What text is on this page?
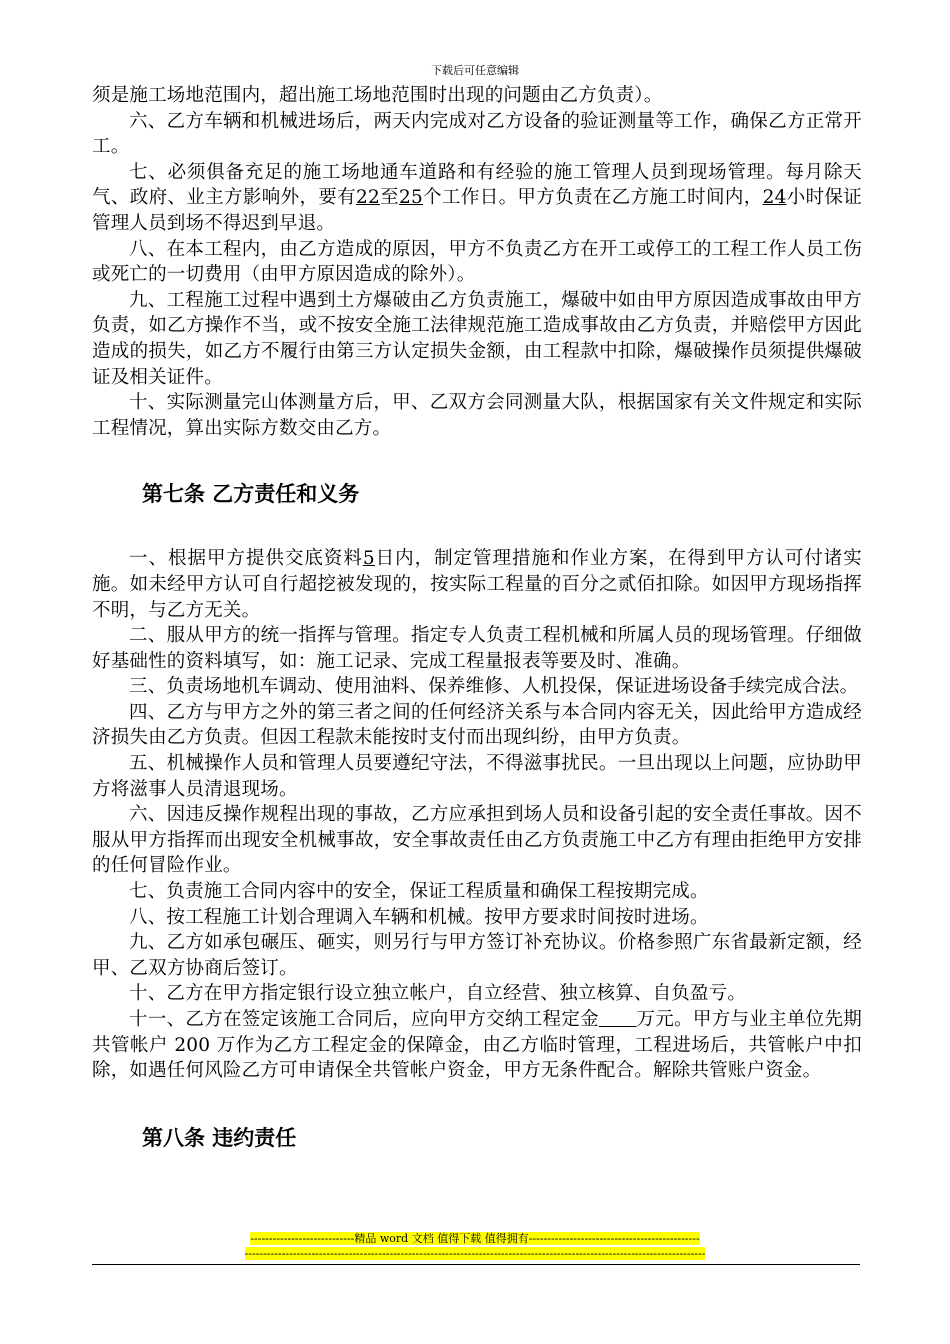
下载后可任意编辑

须是施工场地范围内，超出施工场地范围时出现的问题由乙方负责）。

六、乙方车辆和机械进场后，两天内完成对乙方设备的验证测量等工作，确保乙方正常开工。

七、必须俱备充足的施工场地通车道路和有经验的施工管理人员到现场管理。每月除天气、政府、业主方影响外，要有22至25个工作日。甲方负责在乙方施工时间内，24小时保证管理人员到场不得迟到早退。

八、在本工程内，由乙方造成的原因，甲方不负责乙方在开工或停工的工程工作人员工伤或死亡的一切费用（由甲方原因造成的除外）。

九、工程施工过程中遇到土方爆破由乙方负责施工，爆破中如由甲方原因造成事故由甲方负责，如乙方操作不当，或不按安全施工法律规范施工造成事故由乙方负责，并赔偿甲方因此造成的损失，如乙方不履行由第三方认定损失金额，由工程款中扣除，爆破操作员须提供爆破证及相关证件。

十、实际测量完山体测量方后，甲、乙双方会同测量大队，根据国家有关文件规定和实际工程情况，算出实际方数交由乙方。

第七条 乙方责任和义务

一、根据甲方提供交底资料5日内，制定管理措施和作业方案，在得到甲方认可付诸实施。如未经甲方认可自行超挖被发现的，按实际工程量的百分之贰佰扣除。如因甲方现场指挥不明，与乙方无关。

二、服从甲方的统一指挥与管理。指定专人负责工程机械和所属人员的现场管理。仔细做好基础性的资料填写，如：施工记录、完成工程量报表等要及时、准确。

三、负责场地机车调动、使用油料、保养维修、人机投保，保证进场设备手续完成合法。

四、乙方与甲方之外的第三者之间的任何经济关系与本合同内容无关，因此给甲方造成经济损失由乙方负责。但因工程款未能按时支付而出现纠纷，由甲方负责。

五、机械操作人员和管理人员要遵纪守法，不得滋事扰民。一旦出现以上问题，应协助甲方将滋事人员清退现场。

六、因违反操作规程出现的事故，乙方应承担到场人员和设备引起的安全责任事故。因不服从甲方指挥而出现安全机械事故，安全事故责任由乙方负责施工中乙方有理由拒绝甲方安排的任何冒险作业。

七、负责施工合同内容中的安全，保证工程质量和确保工程按期完成。

八、按工程施工计划合理调入车辆和机械。按甲方要求时间按时进场。

九、乙方如承包碾压、砸实，则另行与甲方签订补充协议。价格参照广东省最新定额，经甲、乙双方协商后签订。

十、乙方在甲方指定银行设立独立帐户，自立经营、独立核算、自负盈亏。

十一、乙方在签定该施工合同后，应向甲方交纳工程定金　　 万元。甲方与业主单位先期共管帐户 200 万作为乙方工程定金的保障金，由乙方临时管理，工程进场后，共管帐户中扣除，如遇任何风险乙方可申请保全共管帐户资金，甲方无条件配合。解除共管账户资金。

第八条 违约责任
----------------------------精品 word 文档 值得下载 值得拥有----------------------------------------------
----------------------------------------------------------------------------------------------------------------------------
